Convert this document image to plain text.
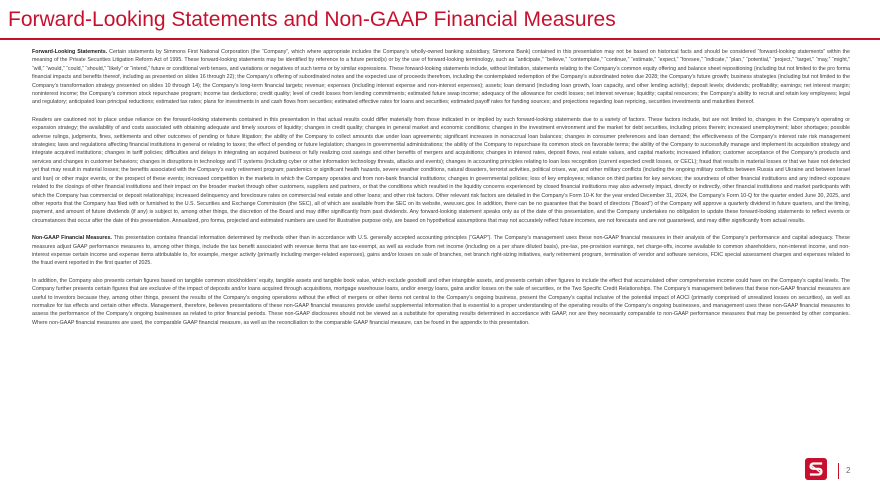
Forward-Looking Statements and Non-GAAP Financial Measures

Forward-Looking Statements. Certain statements by Simmons First National Corporation (the “Company”, which where appropriate includes the Company’s wholly-owned banking subsidiary, Simmons Bank) contained in this presentation may not be based on historical facts and should be considered “forward-looking statements” within the meaning of the Private Securities Litigation Reform Act of 1995. These forward-looking statements may be identified by reference to a future period(s) or by the use of forward-looking terminology, such as “anticipate,” “believe,” “contemplate,” “continue,” “estimate,” “expect,” “foresee,” “indicate,” “plan,” “potential,” “project,” “target,” “may,” “might,” “will,” “would,” “could,” “should,” “likely” or “intend,” future or conditional verb tenses, and variations or negatives of such terms or by similar expressions. These forward-looking statements include, without limitation, statements relating to the Company’s common equity offering and balance sheet repositioning (including but not limited to the pro forma financial impacts and benefits thereof, including as presented on slides 16 through 22); the Company’s offering of subordinated notes and the expected use of proceeds therefrom, including the contemplated redemption of the Company’s subordinated notes due 2028; the Company’s future growth; business strategies (including but not limited to the Company’s transformation strategy presented on slides 10 through 14); the Company’s long-term financial targets; revenue; expenses (including interest expense and non-interest expenses); assets; loan demand (including loan growth, loan capacity, and other lending activity); deposit levels; dividends; profitability; earnings; net interest margin; noninterest income; the Company’s common stock repurchase program; income tax deductions; credit quality; level of credit losses from lending commitments; estimated future swap income; adequacy of the allowance for credit losses; net interest revenue; liquidity; capital resources; the Company’s ability to recruit and retain key employees; legal and regulatory; anticipated loan principal reductions; estimated tax rates; plans for investments in and cash flows from securities; estimated effective rates for loans and securities; estimated payoff rates for funding sources; and projections regarding loan repricing, securities investments and maturities thereof.

Readers are cautioned not to place undue reliance on the forward-looking statements contained in this presentation in that actual results could differ materially from those indicated in or implied by such forward-looking statements due to a variety of factors. These factors include, but are not limited to, changes in the Company’s operating or expansion strategy; the availability of and costs associated with obtaining adequate and timely sources of liquidity; changes in credit quality; changes in general market and economic conditions; changes in the investment environment and the market for debt securities, including prices therein; increased unemployment; labor shortages; possible adverse rulings, judgments, fines, settlements and other outcomes of pending or future litigation; the ability of the Company to collect amounts due under loan agreements; significant increases in nonaccrual loan balances; changes in consumer preferences and loan demand; the effectiveness of the Company’s interest rate risk management strategies; laws and regulations affecting financial institutions in general or relating to taxes; the effect of pending or future legislation; changes in governmental administrations; the ability of the Company to repurchase its common stock on favorable terms; the ability of the Company to successfully manage and implement its acquisition strategy and integrate acquired institutions; changes in tariff policies; difficulties and delays in integrating an acquired business or fully realizing cost savings and other benefits of mergers and acquisitions; changes in interest rates, deposit flows, real estate values, and capital markets; increased inflation; customer acceptance of the Company’s products and services and changes in customer behaviors; changes in disruptions in technology and IT systems (including cyber or other information technology threats, attacks and events); changes in accounting principles relating to loan loss recognition (current expected credit losses, or CECL); fraud that results in material losses or that we have not detected yet that may result in material losses; the benefits associated with the Company’s early retirement program; pandemics or significant health hazards, severe weather conditions, natural disasters, terrorist activities, political crises, war, and other military conflicts (including the ongoing military conflicts between Russia and Ukraine and between Israel and Iran) or other major events, or the prospect of these events; increased competition in the markets in which the Company operates and from non-bank financial institutions; changes in governmental policies; loss of key employees; reliance on third parties for key services; the soundness of other financial institutions and any indirect exposure related to the closings of other financial institutions and their impact on the broader market through other customers, suppliers and partners, or that the conditions which resulted in the liquidity concerns experienced by closed financial institutions may also adversely impact, directly or indirectly, other financial institutions and market participants with which the Company has commercial or deposit relationships; increased delinquency and foreclosure rates on commercial real estate and other loans; and other risk factors. Other relevant risk factors are detailed in the Company’s Form 10-K for the year ended December 31, 2024, the Company’s Form 10-Q for the quarter ended June 30, 2025, and other reports that the Company has filed with or furnished to the U.S. Securities and Exchange Commission (the SEC), all of which are available from the SEC on its website, www.sec.gov. In addition, there can be no guarantee that the board of directors (“Board”) of the Company will approve a quarterly dividend in future quarters, and the timing, payment, and amount of future dividends (if any) is subject to, among other things, the discretion of the Board and may differ significantly from past dividends. Any forward-looking statement speaks only as of the date of this presentation, and the Company undertakes no obligation to update these forward-looking statements to reflect events or circumstances that occur after the date of this presentation. Annualized, pro forma, projected and estimated numbers are used for illustrative purpose only, are based on hypothetical assumptions that may not accurately reflect future incomes, are not forecasts and are not guaranteed, and may differ significantly from actual results.

Non-GAAP Financial Measures. This presentation contains financial information determined by methods other than in accordance with U.S. generally accepted accounting principles (“GAAP”). The Company’s management uses these non-GAAP financial measures in their analysis of the Company’s performance and capital adequacy. These measures adjust GAAP performance measures to, among other things, include the tax benefit associated with revenue items that are tax-exempt, as well as exclude from net income (including on a per share diluted basis), pre-tax, pre-provision earnings, net charge-offs, income available to common shareholders, non-interest income, and non-interest expense certain income and expense items attributable to, for example, merger activity (primarily including merger-related expenses), gains and/or losses on sale of branches, net branch right-sizing initiatives, early retirement program, termination of vendor and software services, FDIC special assessment charges and expenses related to the fraud event reported in the first quarter of 2025.

In addition, the Company also presents certain figures based on tangible common stockholders’ equity, tangible assets and tangible book value, which exclude goodwill and other intangible assets, and presents certain other figures to include the effect that accumulated other comprehensive income could have on the Company’s capital levels. The Company further presents certain figures that are exclusive of the impact of deposits and/or loans acquired through acquisitions, mortgage warehouse loans, and/or energy loans, gains and/or losses on the sale of securities, or the Two Specific Credit Relationships. The Company’s management believes that these non-GAAP financial measures are useful to investors because they, among other things, present the results of the Company’s ongoing operations without the effect of mergers or other items not central to the Company’s ongoing business, present the Company’s capital inclusive of the potential impact of AOCI (primarily comprised of unrealized losses on securities), as well as normalize for tax effects and certain other effects. Management, therefore, believes presentations of these non-GAAP financial measures provide useful supplemental information that is essential to a proper understanding of the operating results of the Company’s ongoing businesses, and management uses these non-GAAP financial measures to assess the performance of the Company’s ongoing businesses as related to prior financial periods. These non-GAAP disclosures should not be viewed as a substitute for operating results determined in accordance with GAAP, nor are they necessarily comparable to non-GAAP performance measures that may be presented by other companies. Where non-GAAP financial measures are used, the comparable GAAP financial measure, as well as the reconciliation to the comparable GAAP financial measure, can be found in the appendix to this presentation.

2
